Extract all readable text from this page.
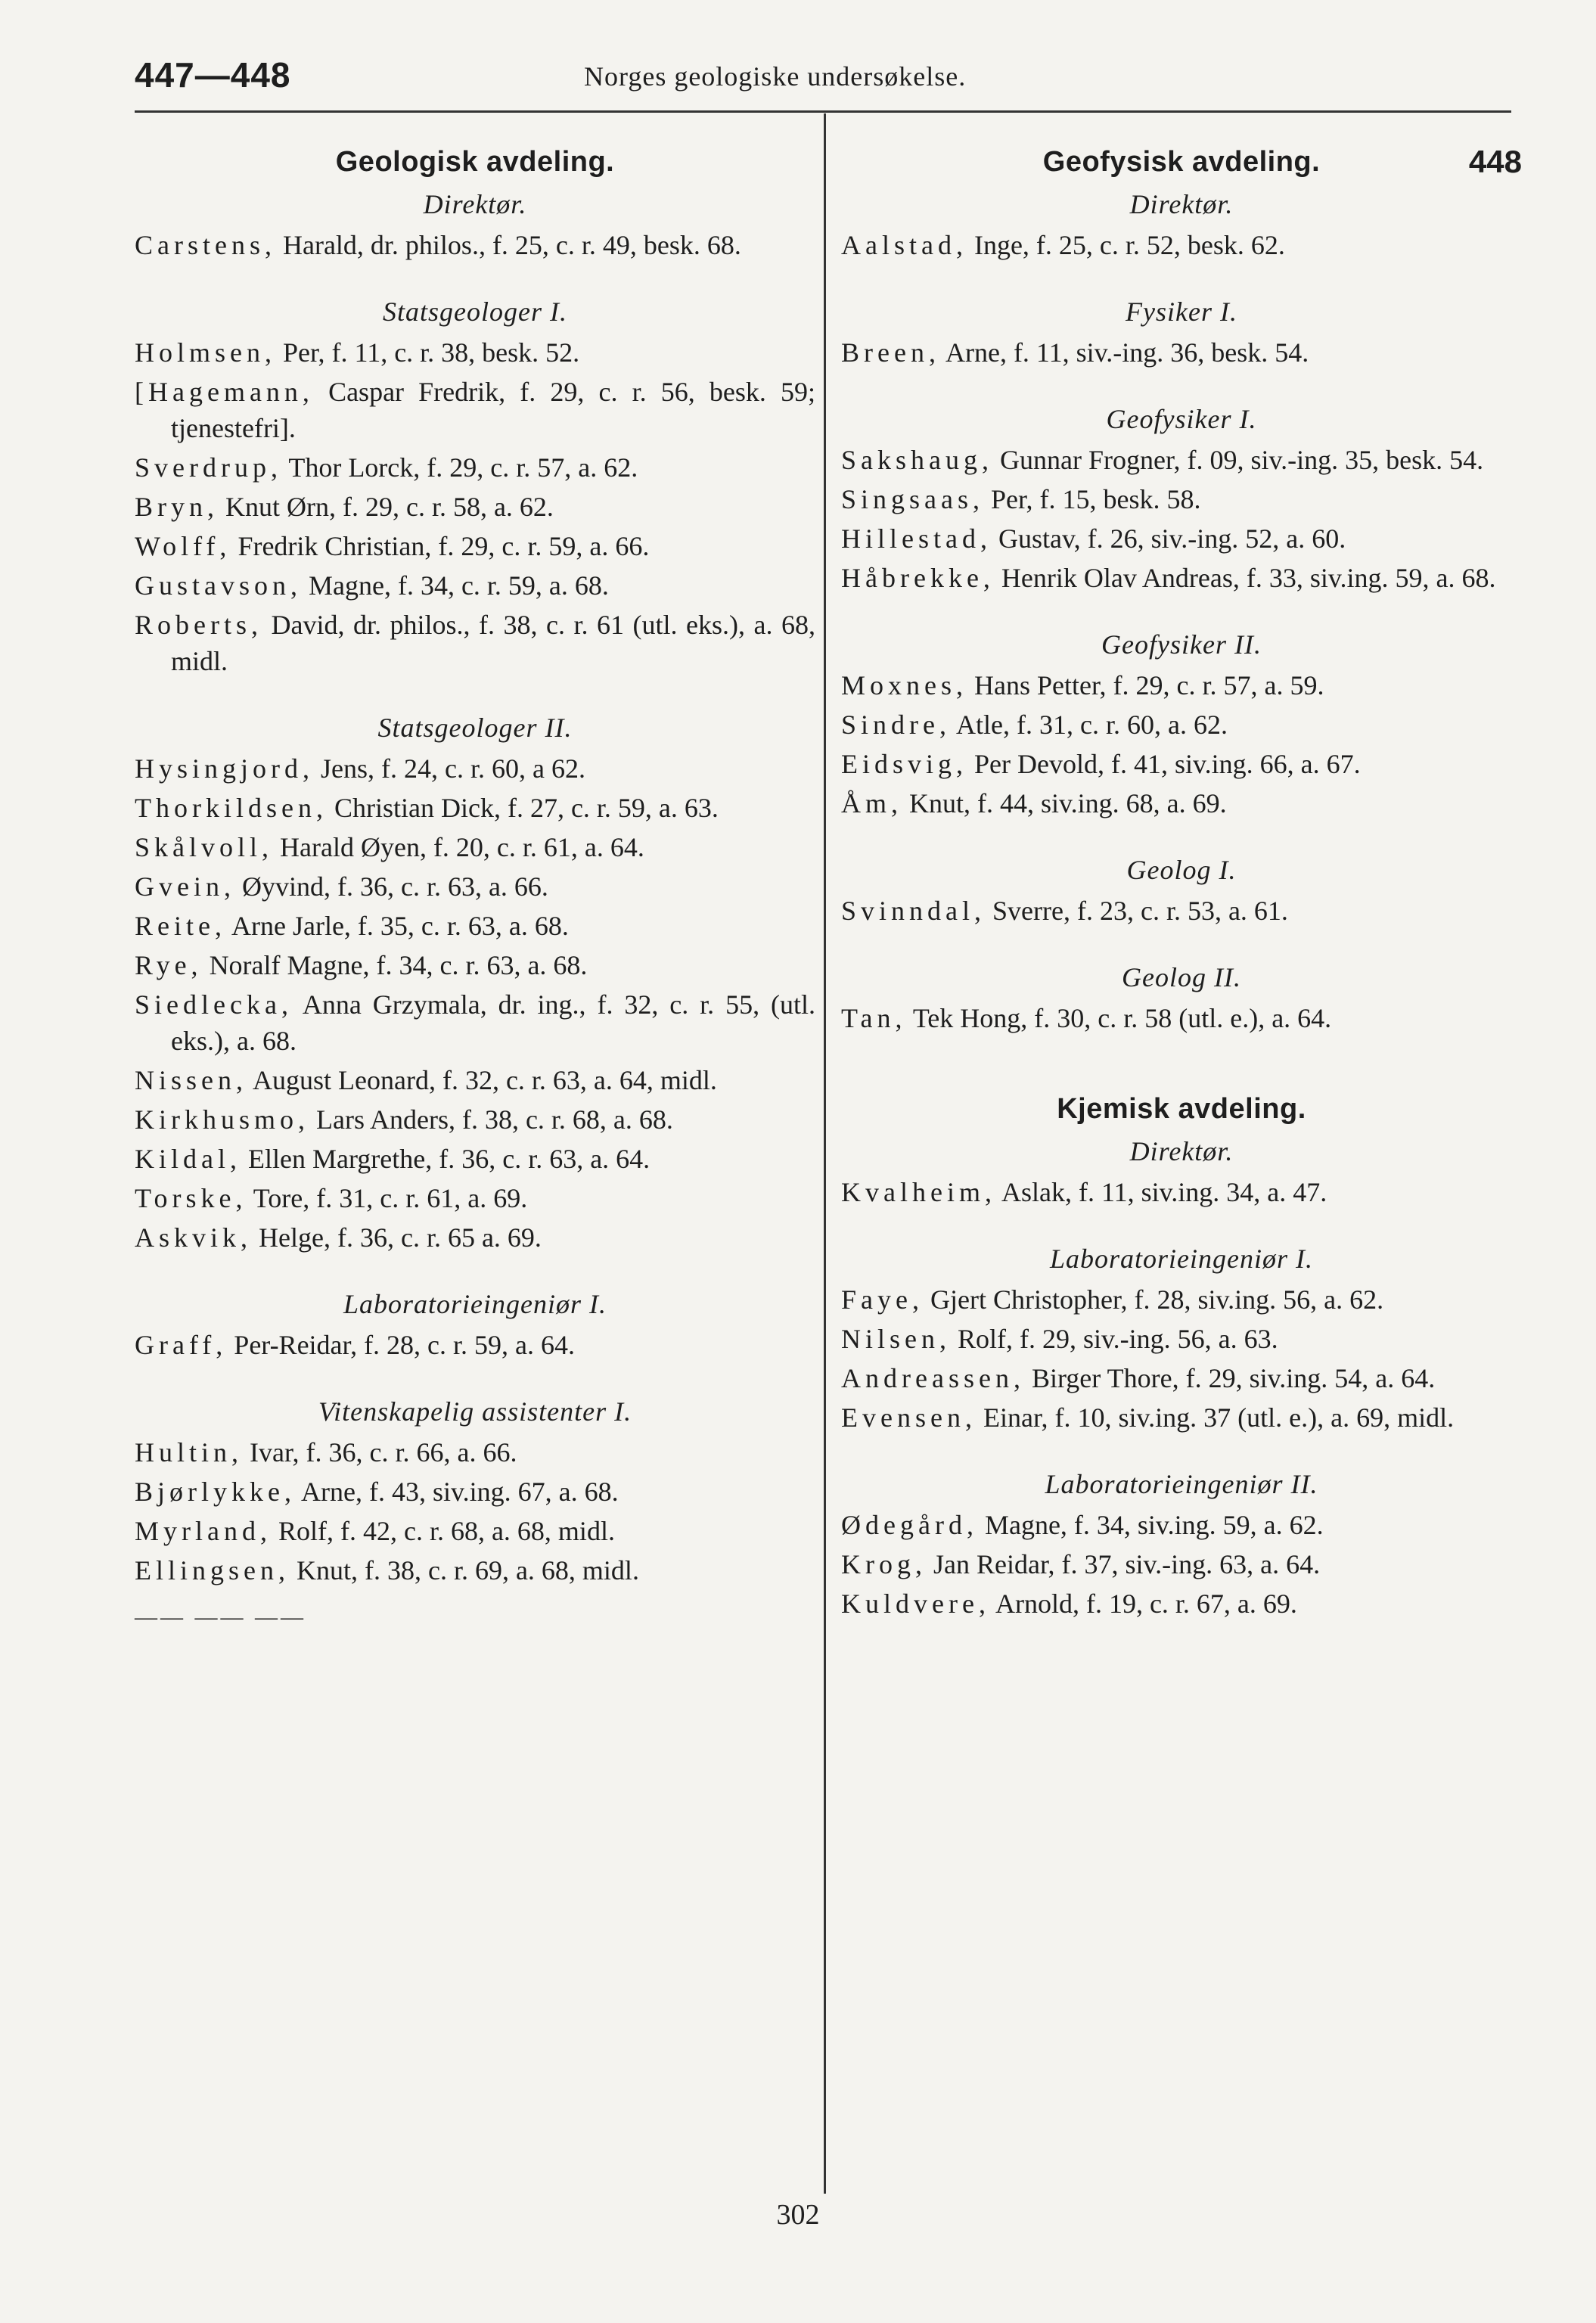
447—448	Norges geologiske undersøkelse.
Geologisk avdeling.
Direktør.
Carstens, Harald, dr. philos., f. 25, c. r. 49, besk. 68.
Statsgeologer I.
Holmsen, Per, f. 11, c. r. 38, besk. 52.
[Hagemann, Caspar Fredrik, f. 29, c. r. 56, besk. 59; tjenestefri].
Sverdrup, Thor Lorck, f. 29, c. r. 57, a. 62.
Bryn, Knut Ørn, f. 29, c. r. 58, a. 62.
Wolff, Fredrik Christian, f. 29, c. r. 59, a. 66.
Gustavson, Magne, f. 34, c. r. 59, a. 68.
Roberts, David, dr. philos., f. 38, c. r. 61 (utl. eks.), a. 68, midl.
Statsgeologer II.
Hysingjord, Jens, f. 24, c. r. 60, a 62.
Thorkildsen, Christian Dick, f. 27, c. r. 59, a. 63.
Skålvoll, Harald Øyen, f. 20, c. r. 61, a. 64.
Gvein, Øyvind, f. 36, c. r. 63, a. 66.
Reite, Arne Jarle, f. 35, c. r. 63, a. 68.
Rye, Noralf Magne, f. 34, c. r. 63, a. 68.
Siedlecka, Anna Grzymala, dr. ing., f. 32, c. r. 55, (utl. eks.), a. 68.
Nissen, August Leonard, f. 32, c. r. 63, a. 64, midl.
Kirkhusmo, Lars Anders, f. 38, c. r. 68, a. 68.
Kildal, Ellen Margrethe, f. 36, c. r. 63, a. 64.
Torske, Tore, f. 31, c. r. 61, a. 69.
Askvik, Helge, f. 36, c. r. 65 a. 69.
Laboratorieingeniør I.
Graff, Per-Reidar, f. 28, c. r. 59, a. 64.
Vitenskapelig assistenter I.
Hultin, Ivar, f. 36, c. r. 66, a. 66.
Bjørlykke, Arne, f. 43, siv.ing. 67, a. 68.
Myrland, Rolf, f. 42, c. r. 68, a. 68, midl.
Ellingsen, Knut, f. 38, c. r. 69, a. 68, midl.
—— —— ——
Geofysisk avdeling.	448
Direktør.
Aalstad, Inge, f. 25, c. r. 52, besk. 62.
Fysiker I.
Breen, Arne, f. 11, siv.-ing. 36, besk. 54.
Geofysiker I.
Sakshaug, Gunnar Frogner, f. 09, siv.-ing. 35, besk. 54.
Singsaas, Per, f. 15, besk. 58.
Hillestad, Gustav, f. 26, siv.-ing. 52, a. 60.
Håbrekke, Henrik Olav Andreas, f. 33, siv.ing. 59, a. 68.
Geofysiker II.
Moxnes, Hans Petter, f. 29, c. r. 57, a. 59.
Sindre, Atle, f. 31, c. r. 60, a. 62.
Eidsvig, Per Devold, f. 41, siv.ing. 66, a. 67.
Åm, Knut, f. 44, siv.ing. 68, a. 69.
Geolog I.
Svinndal, Sverre, f. 23, c. r. 53, a. 61.
Geolog II.
Tan, Tek Hong, f. 30, c. r. 58 (utl. e.), a. 64.
Kjemisk avdeling.
Direktør.
Kvalheim, Aslak, f. 11, siv.ing. 34, a. 47.
Laboratorieingeniør I.
Faye, Gjert Christopher, f. 28, siv.ing. 56, a. 62.
Nilsen, Rolf, f. 29, siv.-ing. 56, a. 63.
Andreassen, Birger Thore, f. 29, siv.ing. 54, a. 64.
Evensen, Einar, f. 10, siv.ing. 37 (utl. e.), a. 69, midl.
Laboratorieingeniør II.
Ødegård, Magne, f. 34, siv.ing. 59, a. 62.
Krog, Jan Reidar, f. 37, siv.-ing. 63, a. 64.
Kuldvere, Arnold, f. 19, c. r. 67, a. 69.
302
